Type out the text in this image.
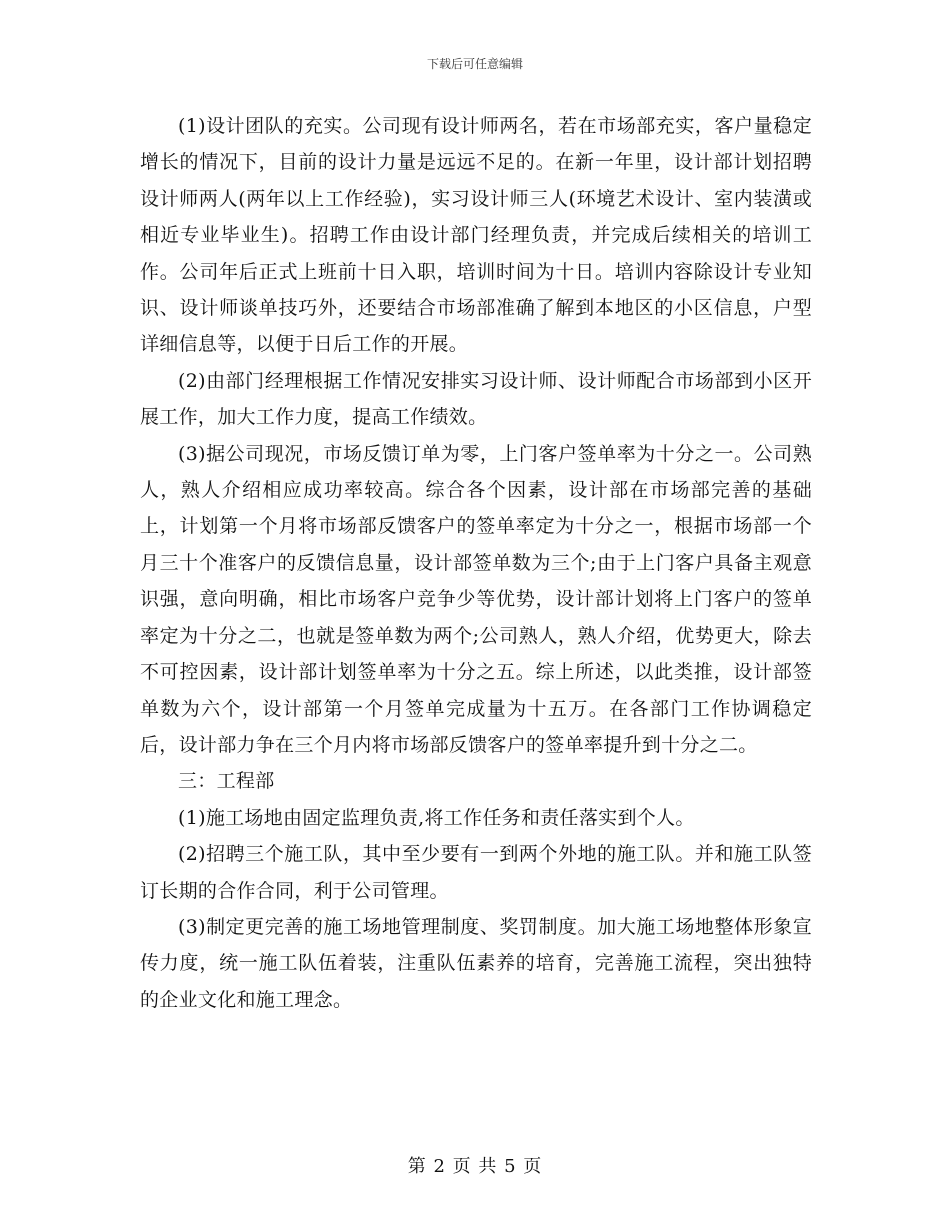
下载后可任意编辑

(1)设计团队的充实。公司现有设计师两名，若在市场部充实，客户量稳定增长的情况下，目前的设计力量是远远不足的。在新一年里，设计部计划招聘设计师两人(两年以上工作经验)，实习设计师三人(环境艺术设计、室内装潢或相近专业毕业生)。招聘工作由设计部门经理负责，并完成后续相关的培训工作。公司年后正式上班前十日入职，培训时间为十日。培训内容除设计专业知识、设计师谈单技巧外，还要结合市场部准确了解到本地区的小区信息，户型详细信息等，以便于日后工作的开展。

(2)由部门经理根据工作情况安排实习设计师、设计师配合市场部到小区开展工作，加大工作力度，提高工作绩效。

(3)据公司现况，市场反馈订单为零，上门客户签单率为十分之一。公司熟人，熟人介绍相应成功率较高。综合各个因素，设计部在市场部完善的基础上，计划第一个月将市场部反馈客户的签单率定为十分之一，根据市场部一个月三十个准客户的反馈信息量，设计部签单数为三个;由于上门客户具备主观意识强，意向明确，相比市场客户竞争少等优势，设计部计划将上门客户的签单率定为十分之二，也就是签单数为两个;公司熟人，熟人介绍，优势更大，除去不可控因素，设计部计划签单率为十分之五。综上所述，以此类推，设计部签单数为六个，设计部第一个月签单完成量为十五万。在各部门工作协调稳定后，设计部力争在三个月内将市场部反馈客户的签单率提升到十分之二。

三：工程部

(1)施工场地由固定监理负责,将工作任务和责任落实到个人。

(2)招聘三个施工队，其中至少要有一到两个外地的施工队。并和施工队签订长期的合作合同，利于公司管理。

(3)制定更完善的施工场地管理制度、奖罚制度。加大施工场地整体形象宣传力度，统一施工队伍着装，注重队伍素养的培育，完善施工流程，突出独特的企业文化和施工理念。

第 2 页 共 5 页
